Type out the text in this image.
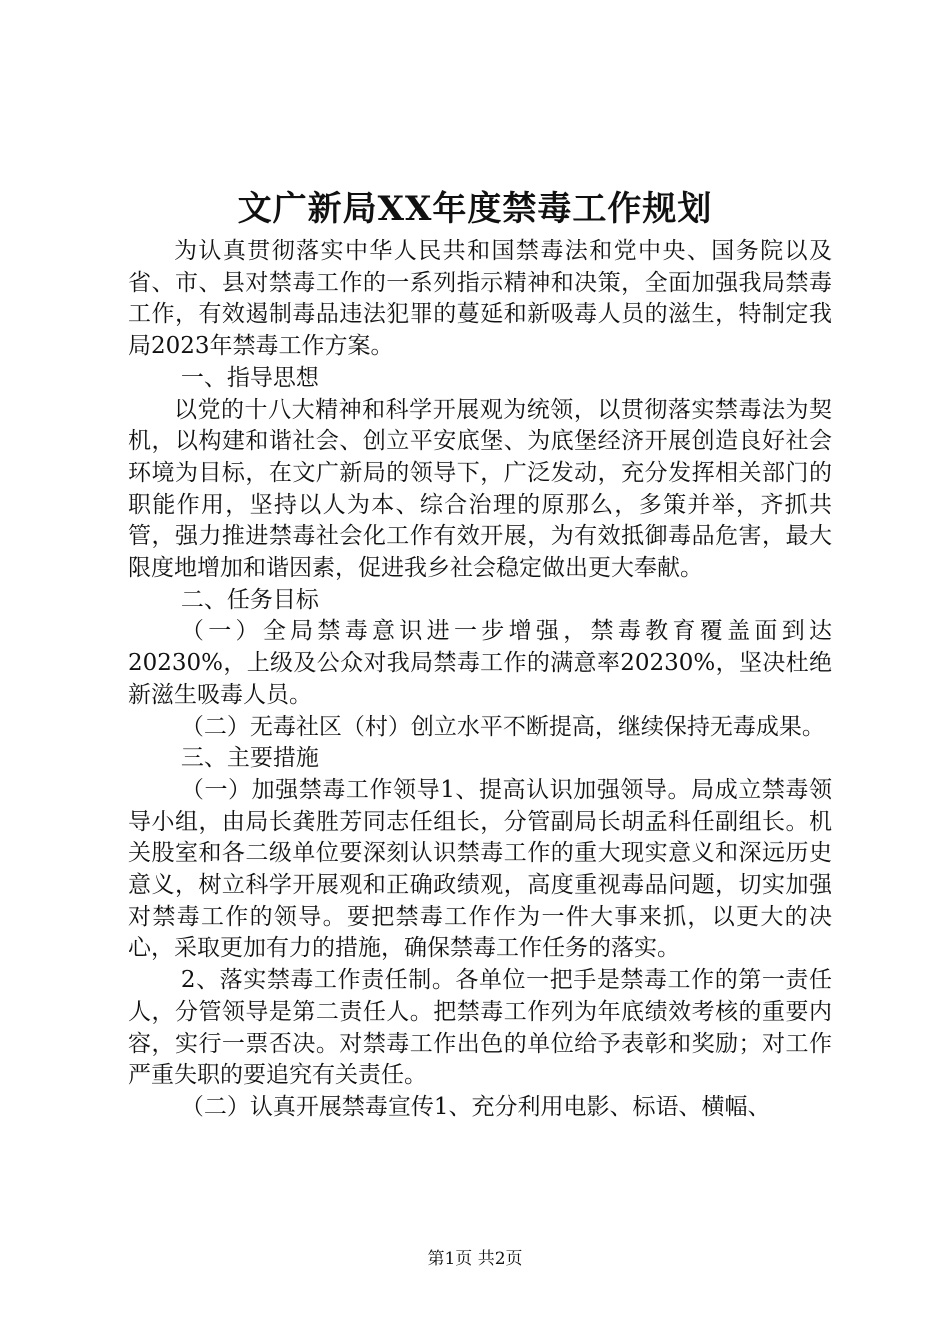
文广新局XX年度禁毒工作规划

为认真贯彻落实中华人民共和国禁毒法和党中央、国务院以及省、市、县对禁毒工作的一系列指示精神和决策，全面加强我局禁毒工作，有效遏制毒品违法犯罪的蔓延和新吸毒人员的滋生，特制定我局2023年禁毒工作方案。

一、指导思想

以党的十八大精神和科学开展观为统领，以贯彻落实禁毒法为契机，以构建和谐社会、创立平安底堡、为底堡经济开展创造良好社会环境为目标，在文广新局的领导下，广泛发动，充分发挥相关部门的职能作用，坚持以人为本、综合治理的原那么，多策并举，齐抓共管，强力推进禁毒社会化工作有效开展，为有效抵御毒品危害，最大限度地增加和谐因素，促进我乡社会稳定做出更大奉献。

二、任务目标

（一）全局禁毒意识进一步增强，禁毒教育覆盖面到达20230%，上级及公众对我局禁毒工作的满意率20230%，坚决杜绝新滋生吸毒人员。

（二）无毒社区（村）创立水平不断提高，继续保持无毒成果。

三、主要措施

（一）加强禁毒工作领导1、提高认识加强领导。局成立禁毒领导小组，由局长龚胜芳同志任组长，分管副局长胡孟科任副组长。机关股室和各二级单位要深刻认识禁毒工作的重大现实意义和深远历史意义，树立科学开展观和正确政绩观，高度重视毒品问题，切实加强对禁毒工作的领导。要把禁毒工作作为一件大事来抓，以更大的决心，采取更加有力的措施，确保禁毒工作任务的落实。

2、落实禁毒工作责任制。各单位一把手是禁毒工作的第一责任人，分管领导是第二责任人。把禁毒工作列为年底绩效考核的重要内容，实行一票否决。对禁毒工作出色的单位给予表彰和奖励；对工作严重失职的要追究有关责任。

（二）认真开展禁毒宣传1、充分利用电影、标语、横幅、

第1页 共2页
